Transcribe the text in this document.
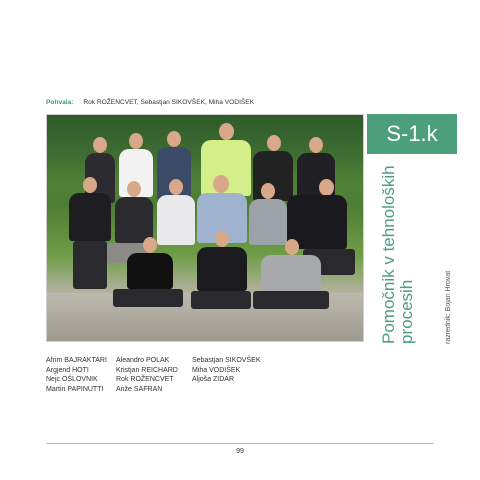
Pohvala: Rok ROŽENCVET, Sebastjan SIKOVŠEK, Miha VODIŠEK
S-1.k
Pomočnik v tehnoloških procesih	razrednik: Bojan Hrovat
Afrim BAJRAKTARI
Argjend HOTI
Nejc OŠLOVNIK
Martin PAPINUTTI
Aleandro POLAK
Kristjan REICHARD
Rok ROŽENCVET
Anže SAFRAN
Sebastjan SIKOVŠEK
Miha VODIŠEK
Aljoša ZIDAR
99
